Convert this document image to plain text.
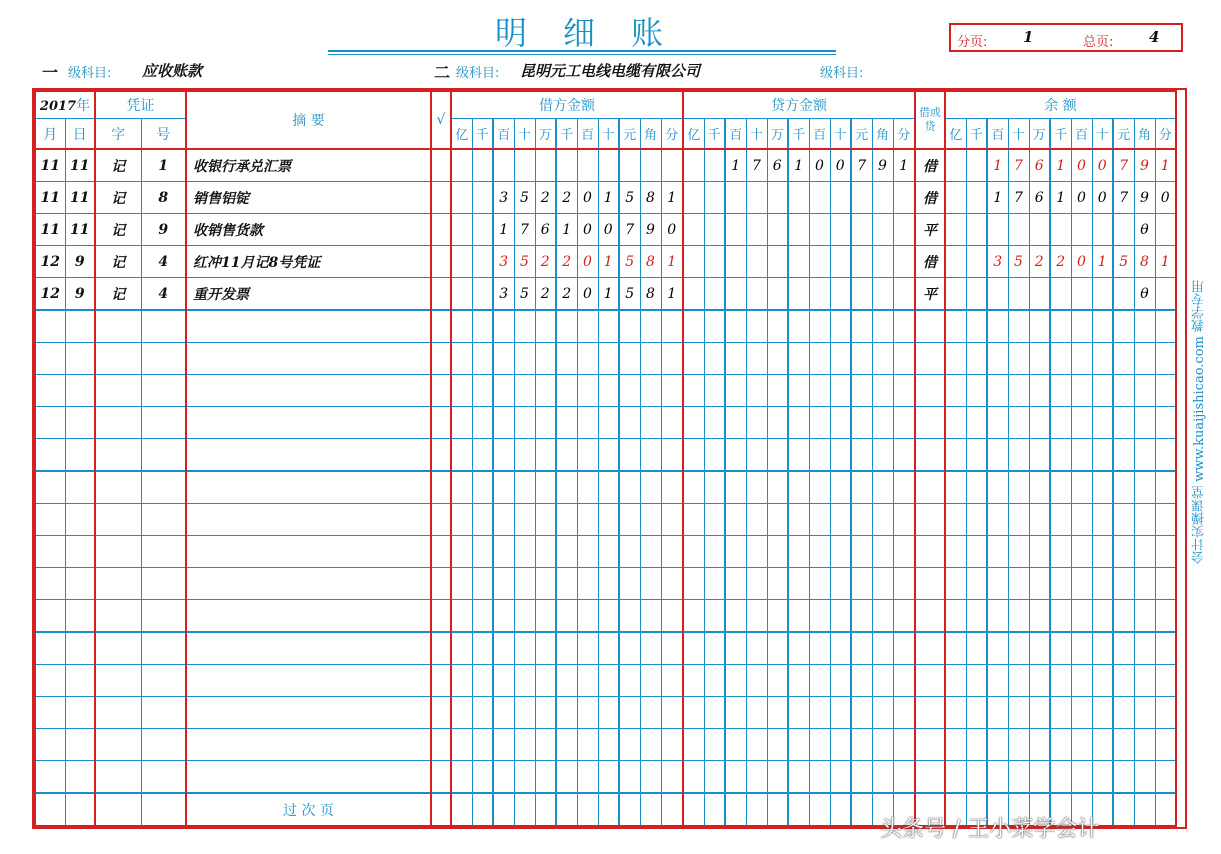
明细账	分页: 1	总页: 4
一 级科目: 应收账款	二 级科目: 昆明元工电线电缆有限公司	级科目:
2017年		凭证		摘 要	√	借方金额											贷方金额											借或贷	余 额										
月	日	字	号			亿	千	百	十	万	千	百	十	元	角	分	亿	千	百	十	万	千	百	十	元	角	分		亿	千	百	十	万	千	百	十	元	角	分
11	11	记	1	收银行承兑汇票															1	7	6	1	0	0	7	9	1	借			1	7	6	1	0	0	7	9	1
11	11	记	8	销售铝锭				3	5	2	2	0	1	5	8	1												借			1	7	6	1	0	0	7	9	0
11	11	记	9	收销售货款				1	7	6	1	0	0	7	9	0												平										θ	
12	9	记	4	红冲11月记8号凭证				3	5	2	2	0	1	5	8	1												借			3	5	2	2	0	1	5	8	1
12	9	记	4	重开发票				3	5	2	2	0	1	5	8	1												平										θ	

				过 次 页																																			
会计实操课堂 www.kuaijishicao.com 教学专用
头条号 / 王小菜学会计
